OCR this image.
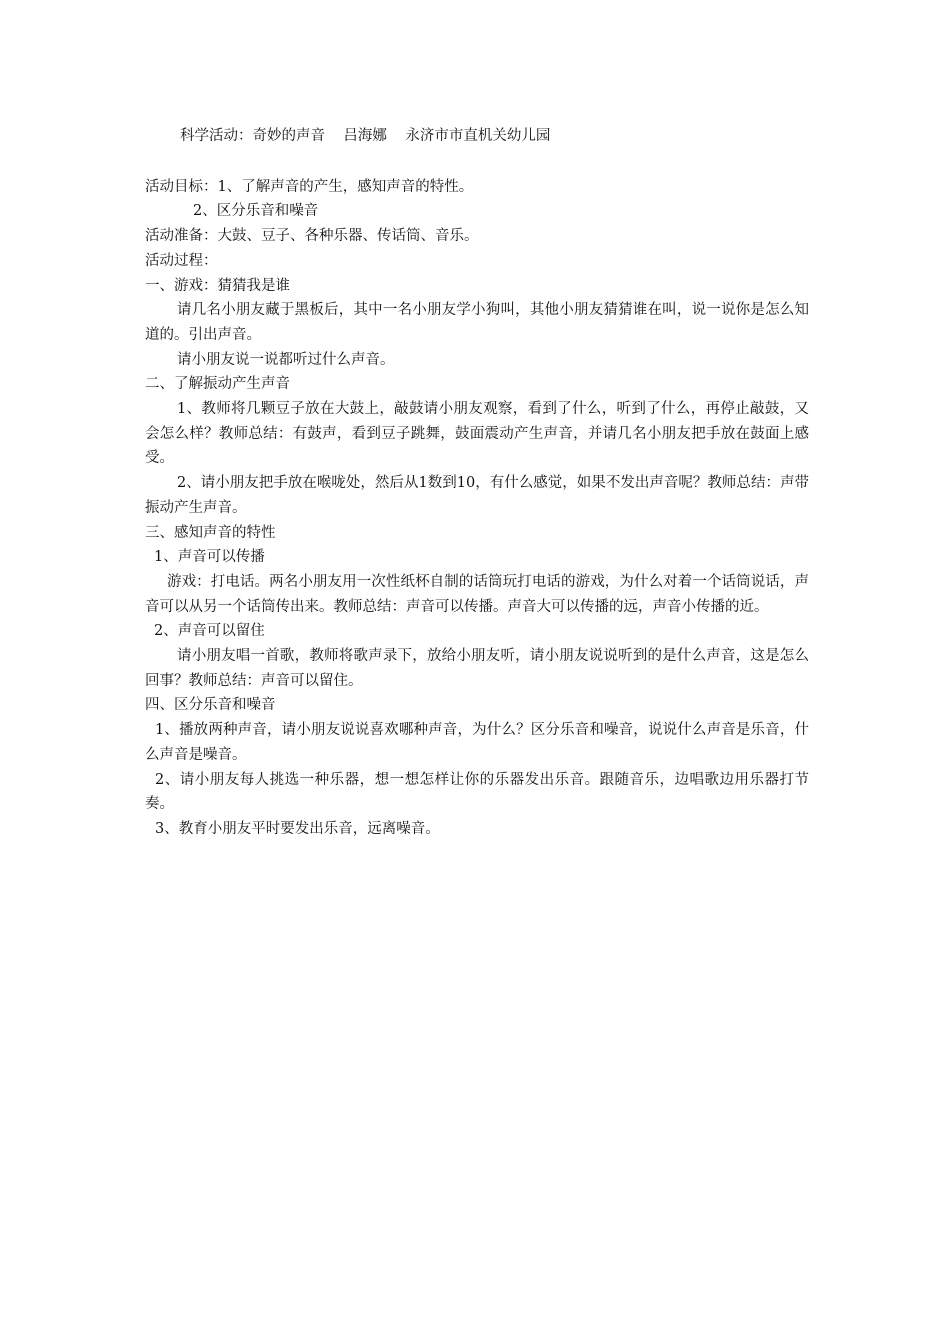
科学活动：奇妙的声音    吕海娜    永济市市直机关幼儿园

活动目标：1、了解声音的产生，感知声音的特性。

2、区分乐音和噪音

活动准备：大鼓、豆子、各种乐器、传话筒、音乐。

活动过程：

一、游戏：猜猜我是谁

请几名小朋友藏于黑板后，其中一名小朋友学小狗叫，其他小朋友猜猜谁在叫，说一说你是怎么知道的。引出声音。

请小朋友说一说都听过什么声音。

二、了解振动产生声音

1、教师将几颗豆子放在大鼓上，敲鼓请小朋友观察，看到了什么，听到了什么，再停止敲鼓，又会怎么样？教师总结：有鼓声，看到豆子跳舞，鼓面震动产生声音，并请几名小朋友把手放在鼓面上感受。

2、请小朋友把手放在喉咙处，然后从1数到10，有什么感觉，如果不发出声音呢？教师总结：声带振动产生声音。

三、感知声音的特性

1、声音可以传播

游戏：打电话。两名小朋友用一次性纸杯自制的话筒玩打电话的游戏，为什么对着一个话筒说话，声音可以从另一个话筒传出来。教师总结：声音可以传播。声音大可以传播的远，声音小传播的近。

2、声音可以留住

请小朋友唱一首歌，教师将歌声录下，放给小朋友听，请小朋友说说听到的是什么声音，这是怎么回事？教师总结：声音可以留住。

四、区分乐音和噪音

1、播放两种声音，请小朋友说说喜欢哪种声音，为什么？区分乐音和噪音，说说什么声音是乐音，什么声音是噪音。

2、请小朋友每人挑选一种乐器，想一想怎样让你的乐器发出乐音。跟随音乐，边唱歌边用乐器打节奏。

3、教育小朋友平时要发出乐音，远离噪音。
